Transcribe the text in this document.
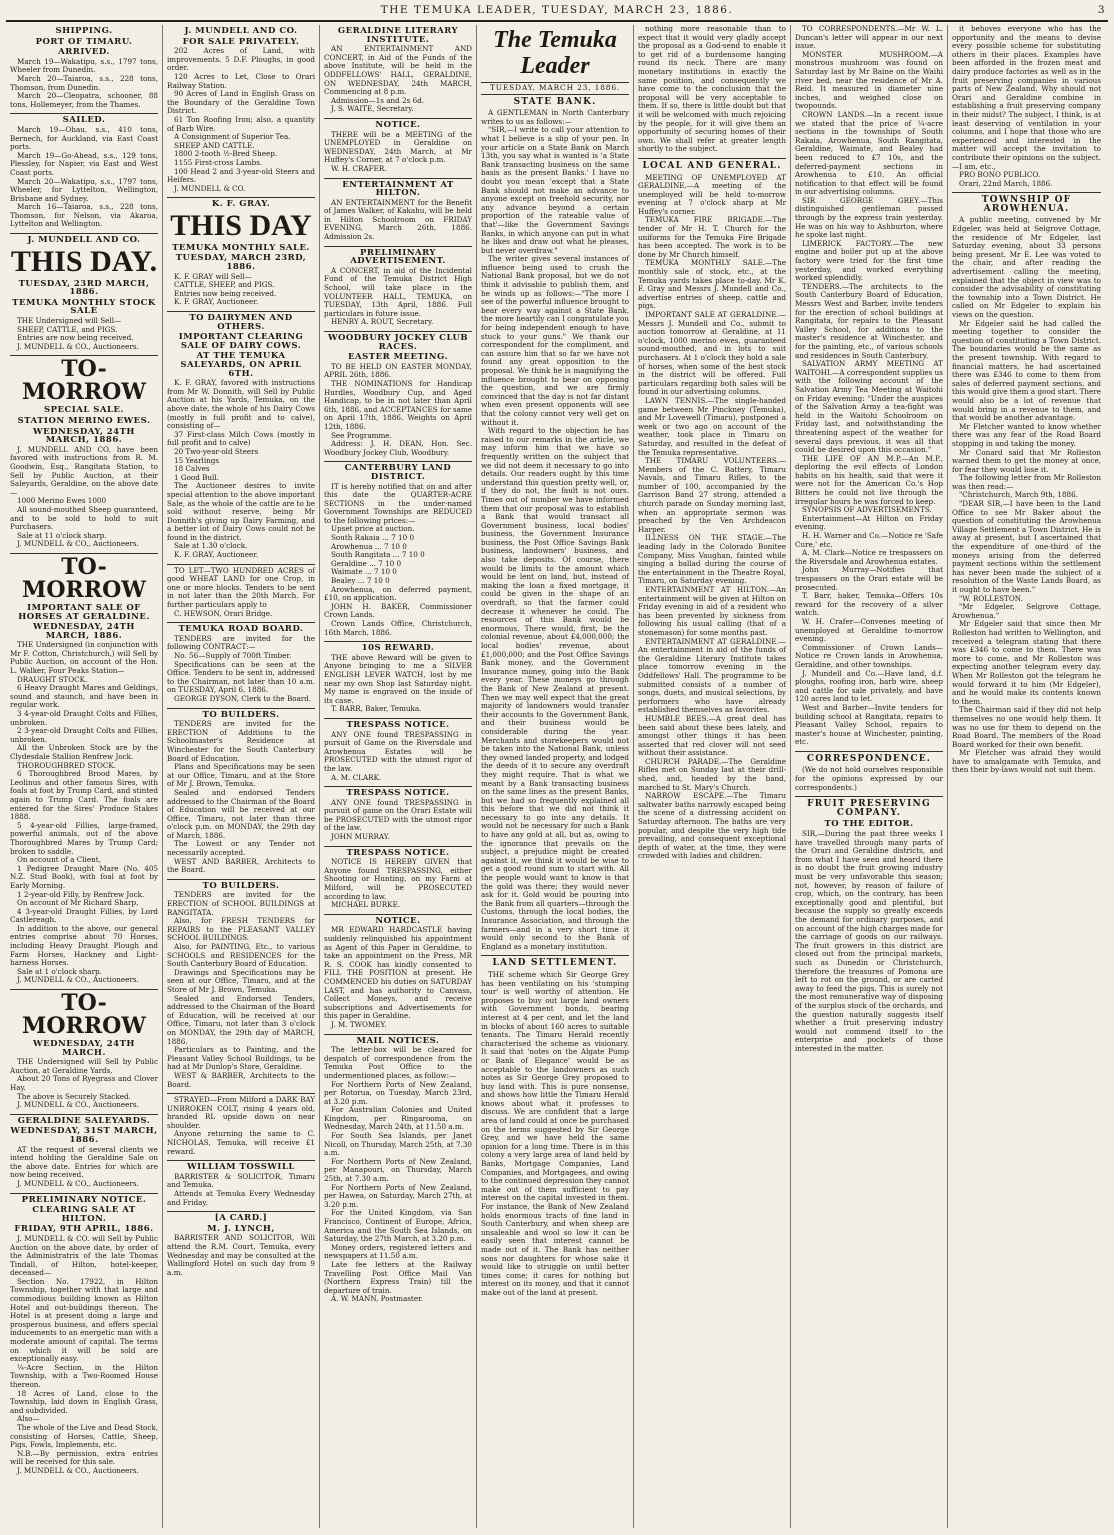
THE TEMUKA LEADER, TUESDAY, MARCH 23, 1886.	3
SHIPPING.
PORT OF TIMARU.
ARRIVED.

March 19—Wakatipu, s.s., 1797 tons, Wheeler from Dunedin.

March 20—Taiaroa, s.s., 228 tons, Thomson, from Dunedin.

March 20—Cleopatra, schooner, 88 tons, Hollemeyer, from the Thames.

SAILED.

March 19—Ohau, s.s., 410 tons, Bernech, for Auckland, via East Coast ports.

March 19—Go-Ahead, s.s., 129 tons, Plessley, for Napier, via East and West Coast ports.

March 20—Wakatipu, s.s., 1797 tons, Wheeler, for Lyttelton, Wellington, Brisbane and Sydney.

March 16—Taiaroa, s.s., 228 tons, Thomson, for Nelson, via Akaroa, Lyttelton and Wellington.

J. MUNDELL AND CO.
THIS DAY.
TUESDAY, 23RD MARCH, 1886.
TEMUKA MONTHLY STOCK SALE

THE Undersigned will Sell—

SHEEP, CATTLE, and PIGS.

Entries are now being received.

J. MUNDELL & CO., Auctioneers.

TO-MORROW
SPECIAL SALE.
STATION MERINO EWES.
WEDNESDAY, 24TH MARCH, 1886.

J. MUNDELL AND CO. have been favored with instructions from R. M. Goodwin, Esq., Rangitata Station, to Sell by Public Auction, at their Saleyards, Geraldine, on the above date—

1000 Merino Ewes 1000

All sound-mouthed Sheep guaranteed, and to be sold to hold to suit Purchasers.

Sale at 11 o'clock sharp.

J. MUNDELL & CO., Auctioneers.

TO-MORROW
IMPORTANT SALE OF HORSES AT GERALDINE.
WEDNESDAY, 24TH MARCH, 1886.

THE Undersigned (in conjunction with Mr F. Cotton, Christchurch,) will Sell by Public Auction, on account of the Hon. L. Walker, Four Peaks Station—

DRAUGHT STOCK.

6 Heavy Draught Mares and Geldings, sound and staunch, and have been in regular work.

3 4-year-old Draught Colts and Fillies, unbroken.

2 3-year-old Draught Colts and Fillies, unbroken.

All the Unbroken Stock are by the Clydesdale Stallion Renfrew Jock.

THOROUGHBRED STOCK.

6 Thoroughbred Brood Mares, by Leolinus and other famous Sires, with foals at foot by Trump Card, and stinted again to Trump Card. The foals are entered for the Sires' Produce Stakes 1888.

5 4-year-old Fillies, large-framed, powerful animals, out of the above Thoroughbred Mares by Trump Card; broken to saddle.

On account of a Client,

1 Pedigree Draught Mare (No. 405 N.Z. Stud Book), with foal at foot by Early Morning.

1 2-year-old Filly, by Renfrew Jock.

On account of Mr Richard Sharp,

4 3-year-old Draught Fillies, by Lord Castlereagh.

In addition to the above, our general entries comprise about 70 Horses, including Heavy Draught Plough and Farm Horses, Hackney and Light-harness Horses.

Sale at 1 o'clock sharp.

J. MUNDELL & CO., Auctioneers.

TO-MORROW
WEDNESDAY, 24TH MARCH.

THE Undersigned will Sell by Public Auction, at Geraldine Yards,

About 20 Tons of Ryegrass and Clover Hay.

The above is Securely Stacked.

J. MUNDELL & CO., Auctioneers.

GERALDINE SALEYARDS.
WEDNESDAY, 31ST MARCH, 1886.

AT the request of several clients we intend holding the Geraldine Sale on the above date. Entries for which are now being received.

J. MUNDELL & CO., Auctioneers.

PRELIMINARY NOTICE.
CLEARING SALE AT HILTON.
FRIDAY, 9TH APRIL, 1886.

J. MUNDELL & CO. will Sell by Public Auction on the above date, by order of the Administratrix of the late Thomas Tindall, of Hilton, hotel-keeper, deceased—

Section No. 17922, in Hilton Township, together with that large and commodious building known as Hilton Hotel and out-buildings thereon. The Hotel is at present doing a large and prosperous business, and offers special inducements to an energetic man with a moderate amount of capital. The terms on which it will be sold are exceptionally easy.

¼-Acre Section, in the Hilton Township, with a Two-Roomed House thereon.

18 Acres of Land, close to the Township, laid down in English Grass, and subdivided.

Also—

The whole of the Live and Dead Stock, consisting of Horses, Cattle, Sheep, Pigs, Fowls, Implements, etc.

N.B.—By permission, extra entries will be received for this sale.

J. MUNDELL & CO., Auctioneers.

J. MUNDELL AND CO.
FOR SALE PRIVATELY.

202 Acres of Land, with improvements. 5 D.F. Ploughs, in good order.

120 Acres to Let, Close to Orari Railway Station.

90 Acres of Land in English Grass on the Boundary of the Geraldine Town District.

61 Ton Roofing Iron; also, a quantity of Barb Wire.

A Consignment of Superior Tea.

SHEEP AND CATTLE.

1800 2-tooth ½-Bred Sheep.

1155 First-cross Lambs.

100 Head 2 and 3-year-old Steers and Heifers.

J. MUNDELL & CO.

K. F. GRAY.
THIS DAY
TEMUKA MONTHLY SALE.
TUESDAY, MARCH 23RD, 1886.

K. F. GRAY will Sell—

CATTLE, SHEEP, and PIGS.

Entries now being received.

K. F. GRAY, Auctioneer.

TO DAIRYMEN AND OTHERS.
IMPORTANT CLEARING SALE OF DAIRY COWS.
AT THE TEMUKA SALEYARDS, ON APRIL 6TH.

K. F. GRAY, favored with instructions from Mr W. Donnith, will Sell by Public Auction at his Yards, Temuka, on the above date, the whole of his Dairy Cows (mostly in full profit and to calve), consisting of—

37 First-class Milch Cows (mostly in full profit and to calve)

20 Two-year-old Steers

15 Yearlings

18 Calves

1 Good Bull.

The Auctioneer desires to invite special attention to the above important Sale, as the whole of the cattle are to be sold without reserve, being Mr Donnith's giving up Dairy Farming, and a better lot of Dairy Cows could not be found in the district.

Sale at 1.30 o'clock.

K. F. GRAY, Auctioneer.

TO LET—TWO HUNDRED ACRES of good WHEAT LAND for one Crop, in one or more blocks. Tenders to be sent in not later than the 20th March. For further particulars apply to

C. HEWSON, Orari Bridge.

TEMUKA ROAD BOARD.

TENDERS are invited for the following CONTRACT:—

No. 56—Supply of 700ft Timber.

Specifications can be seen at the Office. Tenders to be sent in, addressed to the Chairman, not later than 10 a.m. on TUESDAY, April 6, 1886.

GEORGE DYSON, Clerk to the Board.

TO BUILDERS.

TENDERS are invited for the ERECTION of Additions to the Schoolmaster's Residence at Winchester for the South Canterbury Board of Education.

Plans and Specifications may be seen at our Office, Timaru, and at the Store of Mr J. Brown, Temuka.

Sealed and endorsed Tenders addressed to the Chairman of the Board of Education will be received at our Office, Timaru, not later than three o'clock p.m. on MONDAY, the 29th day of March, 1886.

The Lowest or any Tender not necessarily accepted.

WEST AND BARBER, Architects to the Board.

TO BUILDERS.

TENDERS are invited for the ERECTION of SCHOOL BUILDINGS at RANGITATA.

Also, for FRESH TENDERS for REPAIRS to the PLEASANT VALLEY SCHOOL BUILDINGS.

Also, for PAINTING, Etc., to various SCHOOLS and RESIDENCES for the South Canterbury Board of Education.

Drawings and Specifications may be seen at our Office, Timaru, and at the Store of Mr J. Brown, Temuka.

Sealed and Endorsed Tenders, addressed to the Chairman of the Board of Education, will be received at our Office, Timaru, not later than 3 o'clock on MONDAY, the 29th day of MARCH, 1886.

Particulars as to Painting, and the Pleasant Valley School Buildings, to be had at Mr Dunlop's Store, Geraldine.

WEST & BARBER, Architects to the Board.

STRAYED—From Milford a DARK BAY UNBROKEN COLT, rising 4 years old, branded RL upside down on near shoulder.

Anyone returning the same to C. NICHOLAS, Temuka, will receive £1 reward.

WILLIAM TOSSWILL

BARRISTER & SOLICITOR, Timaru and Temuka.

Attends at Temuka Every Wednesday and Friday.

[A CARD.]
M. J. LYNCH,

BARRISTER AND SOLICITOR, Will attend the R.M. Court, Temuka, every Wednesday and may be consulted at the Wallingford Hotel on such day from 9 a.m.

GERALDINE LITERARY INSTITUTE.

AN ENTERTAINMENT AND CONCERT, in Aid of the Funds of the above Institute, will be held in the ODDFELLOWS' HALL, GERALDINE, ON WEDNESDAY, 24th MARCH, Commencing at 8 p.m.

Admission—1s and 2s 6d.

J. S. WAITE, Secretary.

NOTICE.

THERE will be a MEETING of the UNEMPLOYED in Geraldine on WEDNESDAY, 24th March, at Mr Huffey's Corner, at 7 o'clock p.m.

W. H. CRAFER.

ENTERTAINMENT AT HILTON.

AN ENTERTAINMENT for the Benefit of James Walker, of Kakahu, will be held in Hilton Schoolroom on FRIDAY EVENING, March 26th, 1886. Admission 2s.

PRELIMINARY ADVERTISEMENT.

A CONCERT, in aid of the Incidental Fund of the Temuka District High School, will take place in the VOLUNTEER HALL, TEMUKA, on TUESDAY, 13th April, 1886. Full particulars in future issue.

HENRY A. ROUT, Secretary.

WOODBURY JOCKEY CLUB RACES.
EASTER MEETING.

TO BE HELD ON EASTER MONDAY, APRIL 26th, 1886.

THE NOMINATIONS for Handicap Hurdles, Woodbury Cup, and Aged Handicap, to be in not later than April 6th, 1886, and ACCEPTANCES for same on April 17th, 1886. Weights on April 12th, 1886.

See Programme.

Address: J. H. DEAN, Hon. Sec. Woodbury Jockey Club, Woodbury.

CANTERBURY LAND DISTRICT.

IT is hereby notified that on and after this date the QUARTER-ACRE SECTIONS in the under-named Government Townships are REDUCED to the following prices:—

Upset price at auction.

South Rakaia ... 7 10 0

Arowhenua ... 7 10 0

South Rangitata ... 7 10 0

Geraldine ... 7 10 0

Waimate ... 7 10 0

Bealey ... 7 10 0

Arowhenua, on deferred payment, £10, on application.

JOHN H. BAKER, Commissioner Crown Lands.

Crown Lands Office, Christchurch, 16th March, 1886.

10S REWARD.

THE above Reward will be given to Anyone bringing to me a SILVER ENGLISH LEVER WATCH, lost by me near my own Shop last Saturday night. My name is engraved on the inside of its case.

T. BARR, Baker, Temuka.

TRESPASS NOTICE.

ANY ONE found TRESPASSING in pursuit of Game on the Riversdale and Arowhenua Estates will be PROSECUTED with the utmost rigor of the law.

A. M. CLARK.

TRESPASS NOTICE.

ANY ONE found TRESPASSING in pursuit of game on the Orari Estate will be PROSECUTED with the utmost rigor of the law.

JOHN MURRAY.

TRESPASS NOTICE.

NOTICE IS HEREBY GIVEN that Anyone found TRESPASSING, either Shooting or Hunting, on my Farm at Milford, will be PROSECUTED according to law.

MICHAEL BURKE.

NOTICE.

MR EDWARD HARDCASTLE having suddenly relinquished his appointment as Agent of this Paper in Geraldine, to take an appointment on the Press, MR R. S. COOK has kindly consented to FILL THE POSITION at present. He COMMENCED his duties on SATURDAY LAST, and has authority to Canvass, Collect Moneys, and receive subscriptions and Advertisements for this paper in Geraldine.

J. M. TWOMEY.

MAIL NOTICES.

The letter-box will be cleared for despatch of correspondence from the Temuka Post Office to the undermentioned places, as follow:—

For Northern Ports of New Zealand, per Rotorua, on Tuesday, March 23rd, at 3.20 p.m.

For Australian Colonies and United Kingdom, per Ringarooma, on Wednesday, March 24th, at 11.50 a.m.

For South Sea Islands, per Janet Nicoll, on Thursday, March 25th, at 7.30 a.m.

For Northern Ports of New Zealand, per Manapouri, on Thursday, March 25th, at 7.30 a.m.

For Northern Ports of New Zealand, per Hawea, on Saturday, March 27th, at 3.20 p.m.

For the United Kingdom, via San Francisco, Continent of Europe, Africa, America and the South Sea Islands, on Saturday, the 27th March, at 3.20 p.m.

Money orders, registered letters and newspapers at 11.50 a.m.

Late fee letters at the Railway Travelling Post Office Mail Van (Northern Express Train) till the departure of train.

A. W. MANN, Postmaster.

The Temuka Leader
TUESDAY, MARCH 23, 1886.
STATE BANK.

A GENTLEMAN in North Canterbury writes to us as follows:—

"SIR,—I write to call your attention to what I believe is a slip of your pen. In your article on a State Bank on March 13th, you say what is wanted is 'a State Bank transacting business on the same basis as the present Banks.' I have no doubt you mean 'except that a State Bank should not make an advance to anyone except on freehold security, nor any advance beyond a certain proportion of the rateable value of that'—like the Government Savings Banks, in which anyone can put in what he likes and draw out what he pleases, but never overdraw."

The writer gives several instances of influence being used to crush the National Bank proposal, but we do not think it advisable to publish them, and he winds up as follows:—"The more I see of the powerful influence brought to bear every way against a State Bank, the more heartily can I congratulate you for being independent enough to have stuck to your guns." We thank our correspondent for the compliment, and can assure him that so far we have not found any great opposition to the proposal. We think he is magnifying the influence brought to bear on opposing the question, and we are firmly convinced that the day is not far distant when even present opponents will see that the colony cannot very well get on without it.

With regard to the objection he has raised to our remarks in the article, we may inform him that we have so frequently written on the subject that we did not deem it necessary to go into details. Our readers ought by this time understand this question pretty well, or, if they do not, the fault is not ours. Times out of number we have informed them that our proposal was to establish a Bank that would transact all Government business, local bodies' business, the Government Insurance business, the Post Office Savings Bank business, landowners' business, and also take deposits. Of course, there would be limits to the amount which would be lent on land, but, instead of making the loan a fixed mortgage, it could be given in the shape of an overdraft, so that the farmer could decrease it whenever he could. The resources of this Bank would be enormous. There would, first, be the colonial revenue, about £4,000,000; the local bodies' revenue, about £1,000,000; and the Post Office Savings Bank money, and the Government Insurance money, going into the Bank every year. These moneys go through the Bank of New Zealand at present. Then we may well expect that the great majority of landowners would transfer their accounts to the Government Bank, and their business would be considerable during the year. Merchants and storekeepers would not be taken into the National Bank, unless they owned landed property, and lodged the deeds of it to secure any overdraft they might require. That is what we meant by a Bank transacting business on the same lines as the present Banks, but we had so frequently explained all this before that we did not think it necessary to go into any details. It would not be necessary for such a Bank to have any gold at all, but as, owing to the ignorance that prevails on the subject, a prejudice might be created against it, we think it would be wise to get a good round sum to start with. All the people would want to know is that the gold was there; they would never ask for it. Gold would be pouring into the Bank from all quarters—through the Customs, through the local bodies, the Insurance Association, and through the farmers—and in a very short time it would only second to the Bank of England as a monetary institution.

LAND SETTLEMENT.

THE scheme which Sir George Grey has been ventilating on his 'stumping tour' is well worthy of attention. He proposes to buy out large land owners with Government bonds, bearing interest at 4 per cent, and let the land in blocks of about 160 acres to suitable tenants. The Timaru Herald recently characterised the scheme as visionary. It said that 'notes on the Algate Pump or Bank of Elegance' would be as acceptable to the landowners as such notes as Sir George Grey proposed to buy land with. This is pure nonsense, and shows how little the Timaru Herald knows about what it professes to discuss. We are confident that a large area of land could at once be purchased on the terms suggested by Sir George Grey, and we have held the same opinion for a long time. There is in this colony a very large area of land held by Banks, Mortgage Companies, Land Companies, and Mortgagees, and owing to the continued depression they cannot make out of them sufficient to pay interest on the capital invested in them. For instance, the Bank of New Zealand holds enormous tracts of fine land in South Canterbury, and when sheep are unsaleable and wool so low it can be easily seen that interest cannot be made out of it. The Bank has neither sons nor daughters for whose sake it would like to struggle on until better times come; it cares for nothing but interest on its money, and that it cannot make out of the land at present.

nothing more reasonable than to expect that it would very gladly accept the proposal as a God-send to enable it to get rid of a burdensome hanging round its neck. There are many monetary institutions in exactly the same position, and consequently we have come to the conclusion that the proposal will be very acceptable to them. If so, there is little doubt but that it will be welcomed with much rejoicing by the people, for it will give them an opportunity of securing homes of their own. We shall refer at greater length shortly to the subject.

LOCAL AND GENERAL.

MEETING OF UNEMPLOYED AT GERALDINE.—A meeting of the unemployed will be held to-morrow evening at 7 o'clock sharp at Mr Huffey's corner.

TEMUKA FIRE BRIGADE.—The tender of Mr H. T. Church for the uniforms for the Temuka Fire Brigade has been accepted. The work is to be done by Mr Church himself.

TEMUKA MONTHLY SALE.—The monthly sale of stock, etc., at the Temuka yards takes place to-day. Mr K. F. Gray and Messrs J. Mundell and Co., advertise entries of sheep, cattle and pigs.

IMPORTANT SALE AT GERALDINE.—Messrs J. Mundell and Co., submit to auction tomorrow at Geraldine, at 11 o'clock, 1000 merino ewes, guaranteed sound-mouthed, and in lots to suit purchasers. At 1 o'clock they hold a sale of horses, when some of the best stock in the district will be offered. Full particulars regarding both sales will be found in our advertising columns.

LAWN TENNIS.—The single-handed game between Mr Pinckney (Temuka), and Mr Lovewell (Timaru), postponed a week or two ago on account of the weather, took place in Timaru on Saturday, and resulted in the defeat of the Temuka representative.

THE TIMARU VOLUNTEERS.—Members of the C. Battery, Timaru Navals, and Timaru Rifles, to the number of 100, accompanied by the Garrison Band 27 strong, attended a church parade on Sunday morning last, when an appropriate sermon was preached by the Ven Archdeacon Harper.

ILLNESS ON THE STAGE.—The leading lady in the Colorado Bonitee Company, Miss Vaughan, fainted while singing a ballad during the course of the entertainment in the Theatre Royal, Timaru, on Saturday evening.

ENTERTAINMENT AT HILTON.—An entertainment will be given at Hilton on Friday evening in aid of a resident who has been prevented by sickness from following his usual calling (that of a stonemason) for some months past.

ENTERTAINMENT AT GERALDINE.—An entertainment in aid of the funds of the Geraldine Literary Institute takes place tomorrow evening in the Oddfellows' Hall. The programme to be submitted consists of a number of songs, duets, and musical selections, by performers who have already established themselves as favorites.

HUMBLE BEES.—A great deal has been said about these bees lately, and amongst other things it has been asserted that red clover will not seed without their assistance.

CHURCH PARADE.—The Geraldine Rifles met on Sunday last at their drill-shed, and, headed by the band, marched to St. Mary's Church.

NARROW ESCAPE.—The Timaru saltwater baths narrowly escaped being the scene of a distressing accident on Saturday afternoon. The baths are very popular, and despite the very high tide prevailing, and consequent exceptional depth of water, at the time, they were crowded with ladies and children.

TO CORRESPONDENTS.—Mr W. L. Duncan's letter will appear in our next issue.

MONSTER MUSHROOM.—A monstrous mushroom was found on Saturday last by Mr Baine on the Waihi river bed, near the residence of Mr A. Reid. It measured in diameter nine inches, and weighed close on twopounds.

CROWN LANDS.—In a recent issue we stated that the price of ¼-acre sections in the townships of South Rakaia, Arowhenua, South Rangitata, Geraldine, Waimate, and Bealey had been reduced to £7 10s, and the deferred-payment sections in Arowhenua to £10. An official notification to that effect will be found in our advertising columns.

SIR GEORGE GREY.—This distinguished gentleman passed through by the express train yesterday. He was on his way to Ashburton, where he spoke last night.

LIMERICK FACTORY.—The new engine and boiler put up at the above factory were tried for the first time yesterday, and worked everything worked splendidly.

TENDERS.—The architects to the South Canterbury Board of Education, Messrs West and Barber, invite tenders for the erection of school buildings at Rangitata, for repairs to the Pleasant Valley School, for additions to the master's residence at Winchester, and for the painting, etc., of various schools and residences in South Canterbury.

SALVATION ARMY MEETING AT WAITOHI.—A correspondent supplies us with the following account of the Salvation Army Tea Meeting at Waitohi on Friday evening: "Under the auspices of the Salvation Army a tea-fight was held in the Waitohi Schoolroom on Friday last, and notwithstanding the threatening aspect of the weather for several days previous, it was all that could be desired upon this occasion."

THE LIFE OF AN M.P.—An M.P., deploring the evil effects of London habits on his health, said that were it were not for the American Co.'s Hop Bitters he could not live through the irregular hours he was forced to keep.

SYNOPSIS OF ADVERTISEMENTS.

Entertainment—At Hilton on Friday evening.

H. H. Warner and Co.—Notice re 'Safe Cure,' etc.

A. M. Clark—Notice re trespassers on the Riversdale and Arowhenua estates.

John Murray—Notifies that trespassers on the Orari estate will be prosecuted.

T. Barr, baker, Temuka—Offers 10s reward for the recovery of a silver watch.

W. H. Crafer—Convenes meeting of unemployed at Geraldine to-morrow evening.

Commissioner of Crown Lands—Notice re Crown lands in Arowhenua, Geraldine, and other townships.

J. Mundell and Co.—Have land, d.f. ploughs, roofing iron, barb wire, sheep and cattle for sale privately, and have 120 acres land to let.

West and Barber—Invite tenders for building school at Rangitata, repairs to Pleasant Valley School, repairs to master's house at Winchester, painting, etc.

CORRESPONDENCE.

(We do not hold ourselves responsible for the opinions expressed by our correspondents.)

FRUIT PRESERVING COMPANY.
TO THE EDITOR.

SIR,—During the past three weeks I have travelled through many parts of the Orari and Geraldine districts, and from what I have seen and heard there is no doubt the fruit growing industry must be very unfavorable this season; not, however, by reason of failure of crop, which, on the contrary, has been exceptionally good and plentiful, but because the supply so greatly exceeds the demand for ordinary purposes, and on account of the high charges made for the carriage of goods on our railways. The fruit growers in this district are closed out from the principal markets, such as Dunedin or Christchurch, therefore the treasures of Pomona are left to rot on the ground, or are carted away to feed the pigs. This is surely not the most remunerative way of disposing of the surplus stock of the orchards, and the question naturally suggests itself whether a fruit preserving industry would not commend itself to the enterprise and pockets of those interested in the matter.

it behoves everyone who has the opportunity and the means to devise every possible scheme for substituting others in their places. Examples have been afforded in the frozen meat and dairy produce factories as well as in the fruit preserving companies in various parts of New Zealand. Why should not Orari and Geraldine combine in establishing a fruit preserving company in their midst? The subject, I think, is at least deserving of ventilation in your columns, and I hope that those who are experienced and interested in the matter will accept the invitation to contribute their opinions on the subject.—I am, etc.,

PRO BONO PUBLICO.

Orari, 22nd March, 1886.

TOWNSHIP OF AROWHENUA.

A public meeting, convened by Mr Edgeler, was held at Selgrove Cottage, the residence of Mr Edgeler, last Saturday evening, about 33 persons being present. Mr E. Lee was voted to the chair, and after reading the advertisement calling the meeting, explained that the object in view was to consider the advisability of constituting the township into a Town District. He called on Mr Edgeler to explain his views on the question.

Mr Edgeler said he had called the meeting together to consider the question of constituting a Town District. The boundaries would be the same as the present township. With regard to financial matters, he had ascertained there was £346 to come to them from sales of deferred payment sections, and this would give them a good start. There would also be a lot of revenue that would bring in a revenue to them, and that would be another advantage.

Mr Fletcher wanted to know whether there was any fear of the Road Board stopping in and taking the money.

Mr Conard said that Mr Rolleston warned them to get the money at once, for fear they would lose it.

The following letter from Mr Rolleston was then read:—

"Christchurch, March 9th, 1886.

"DEAR SIR,—I have been to the Land Office to see Mr Baker about the question of constituting the Arowhenua Village Settlement a Town District. He is away at present, but I ascertained that the expenditure of one-third of the moneys arising from the deferred payment sections within the settlement has never been made the subject of a resolution of the Waste Lands Board, as it ought to have been."

"W. ROLLESTON.

"Mr Edgeler, Selgrove Cottage, Arowhenua."

Mr Edgeler said that since then Mr Rolleston had written to Wellington, and received a telegram stating that there was £346 to come to them. There was more to come, and Mr Rolleston was expecting another telegram every day. When Mr Rolleston got the telegram he would forward it to him (Mr Edgeler), and he would make its contents known to them.

The Chairman said if they did not help themselves no one would help them. It was no use for them to depend on the Road Board. The members of the Road Board worked for their own benefit.

Mr Fletcher was afraid they would have to amalgamate with Temuka, and then their by-laws would not suit them.
